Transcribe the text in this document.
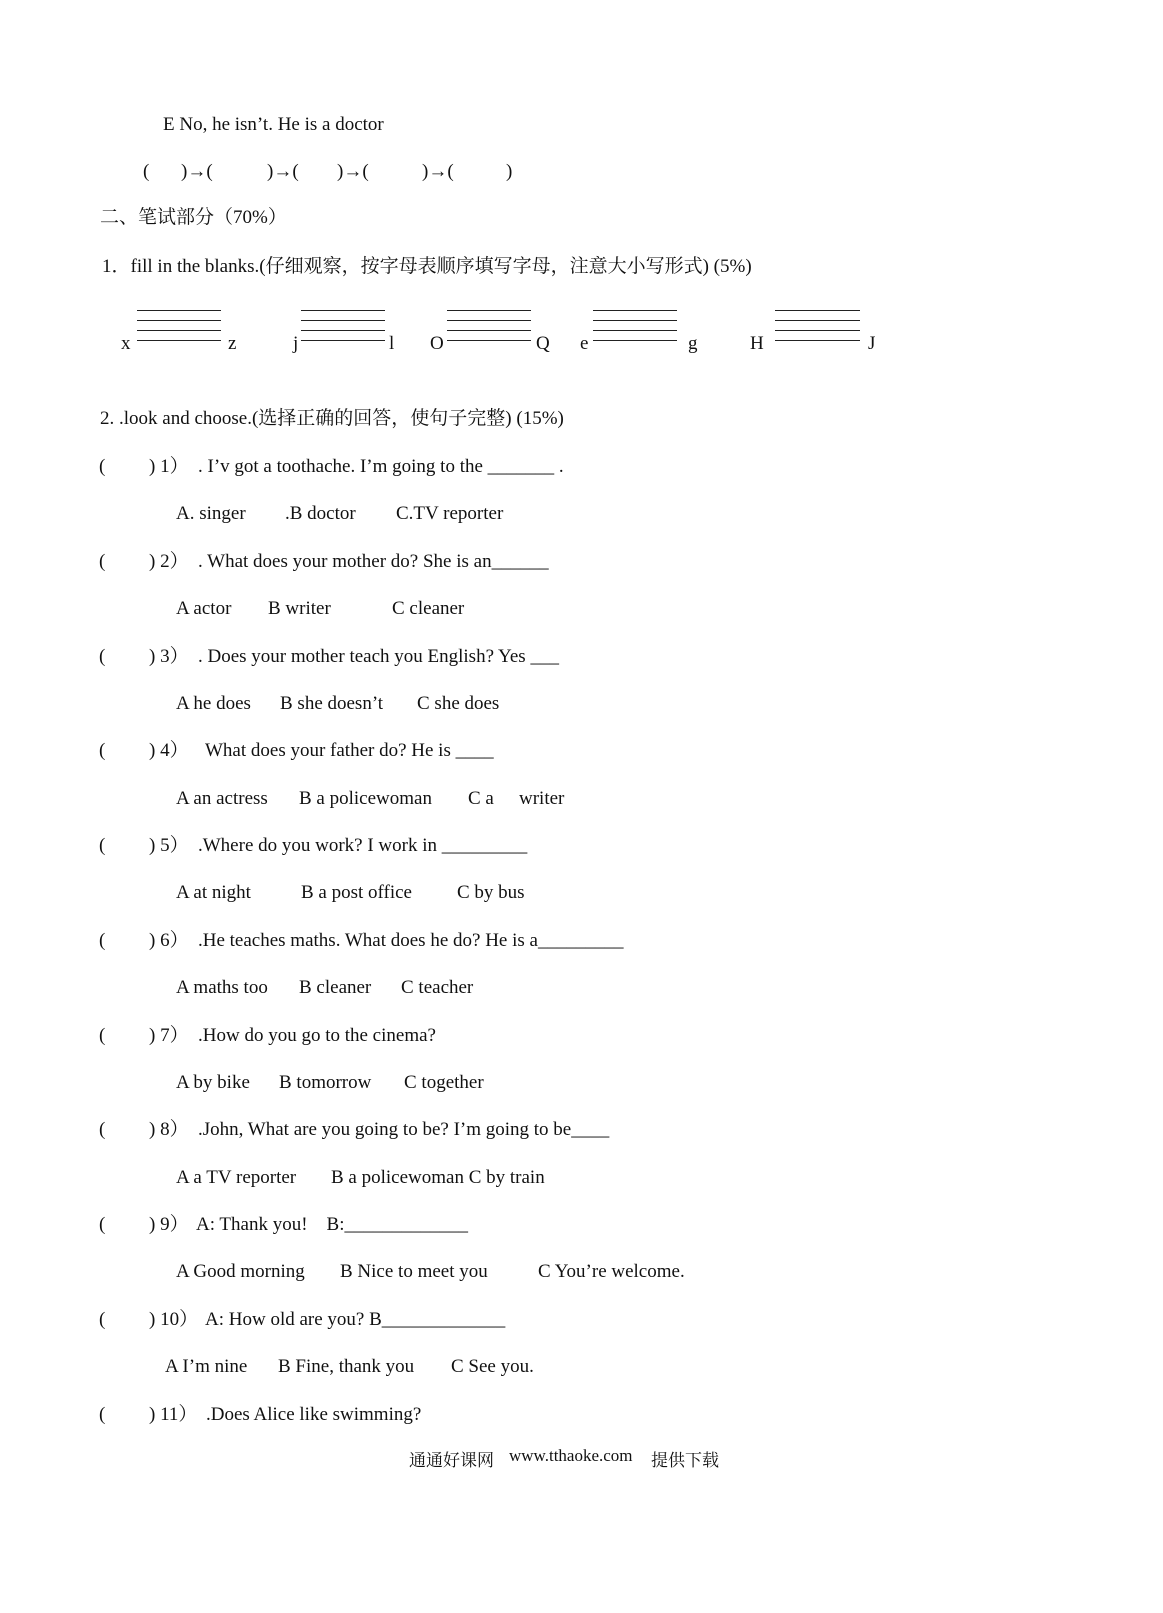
E No, he isn’t. He is a doctor
( )→(	)→( )→(	)→(	)
二、笔试部分（70%）
1．fill in the blanks.(仔细观察，按字母表顺序填写字母，注意大小写形式) (5%)
x	z	j	l O	Q e	g	H	J
2. .look and choose.(选择正确的回答，使句子完整) (15%)
( ) 1） . I’v got a toothache. I’m going to the _______ .
A. singer .B doctor C.TV reporter
( ) 2） . What does your mother do? She is an______
A actor B writer	C cleaner
( ) 3） . Does your mother teach you English? Yes ___
A he does B she doesn’t C she does
( ) 4） What does your father do? He is ____
A an actress B a policewoman C a writer
( ) 5） .Where do you work? I work in _________
A at night	B a post office C by bus
( ) 6） .He teaches maths. What does he do? He is a_________
A maths too B cleaner C teacher
( ) 7） .How do you go to the cinema?
A by bike B tomorrow C together
( ) 8） .John, What are you going to be? I’m going to be____
A a TV reporter B a policewoman C by train
( ) 9） A: Thank you!    B:_____________
A Good morning B Nice to meet you	C You’re welcome.
( ) 10） A: How old are you? B_____________
A I’m nine B Fine, thank you C See you.
( ) 11） .Does Alice like swimming?
通通好课网 www.tthaoke.com 提供下载
